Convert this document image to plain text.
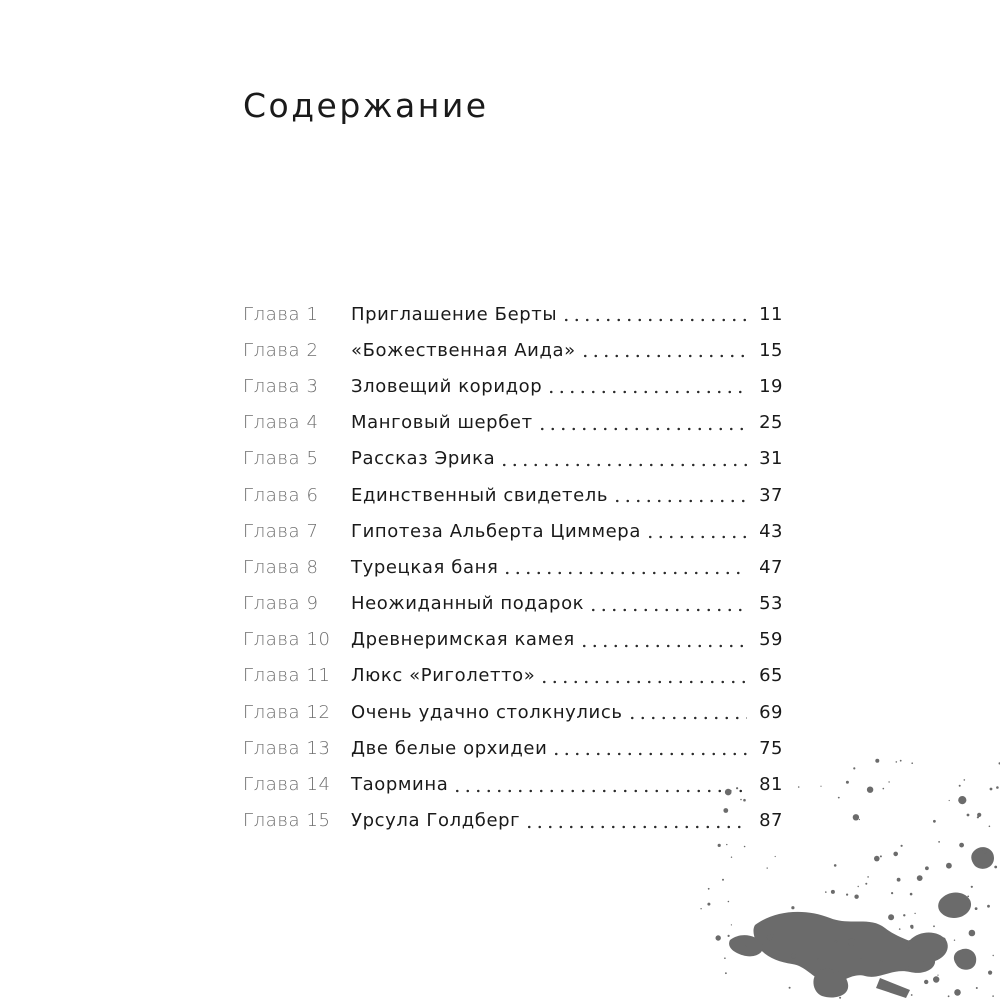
Содержание
Глава 1	Приглашение Берты	11
Глава 2	«Божественная Аида»	15
Глава 3	Зловещий коридор	19
Глава 4	Манговый шербет	25
Глава 5	Рассказ Эрика	31
Глава 6	Единственный свидетель	37
Глава 7	Гипотеза Альберта Циммера	43
Глава 8	Турецкая баня	47
Глава 9	Неожиданный подарок	53
Глава 10	Древнеримская камея	59
Глава 11	Люкс «Риголетто»	65
Глава 12	Очень удачно столкнулись	69
Глава 13	Две белые орхидеи	75
Глава 14	Таормина	81
Глава 15	Урсула Голдберг	87
